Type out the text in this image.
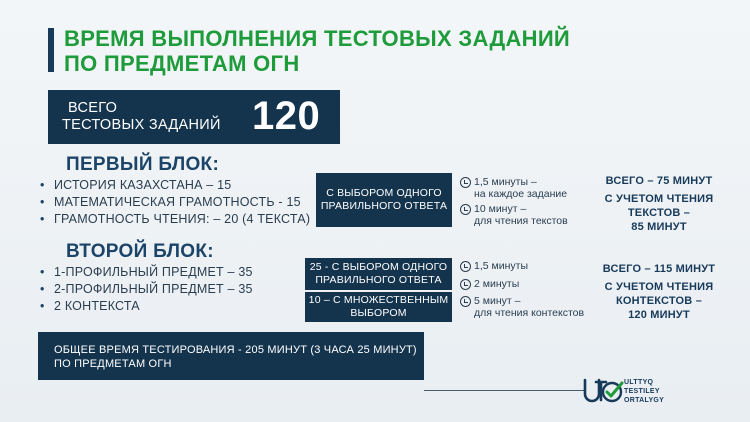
ВРЕМЯ ВЫПОЛНЕНИЯ ТЕСТОВЫХ ЗАДАНИЙ
ПО ПРЕДМЕТАМ ОГН
ВСЕГО
ТЕСТОВЫХ ЗАДАНИЙ 120
ПЕРВЫЙ БЛОК:
• ИСТОРИЯ КАЗАХСТАНА – 15
• МАТЕМАТИЧЕСКАЯ ГРАМОТНОСТЬ - 15
• ГРАМОТНОСТЬ ЧТЕНИЯ: – 20 (4 ТЕКСТА)
С ВЫБОРОМ ОДНОГО
ПРАВИЛЬНОГО ОТВЕТА
1,5 минуты –
на каждое задание
10 минут –
для чтения текстов
ВСЕГО – 75 МИНУТ
С УЧЕТОМ ЧТЕНИЯ
ТЕКСТОВ –
85 МИНУТ
ВТОРОЙ БЛОК:
• 1-ПРОФИЛЬНЫЙ ПРЕДМЕТ – 35
• 2-ПРОФИЛЬНЫЙ ПРЕДМЕТ – 35
• 2 КОНТЕКСТА
25 - С ВЫБОРОМ ОДНОГО
ПРАВИЛЬНОГО ОТВЕТА
10 – С МНОЖЕСТВЕННЫМ
ВЫБОРОМ
1,5 минуты
2 минуты
5 минут –
для чтения контекстов
ВСЕГО – 115 МИНУТ
С УЧЕТОМ ЧТЕНИЯ
КОНТЕКСТОВ –
120 МИНУТ
ОБЩЕЕ ВРЕМЯ ТЕСТИРОВАНИЯ - 205 МИНУТ (3 ЧАСА 25 МИНУТ)
ПО ПРЕДМЕТАМ ОГН
ULTTYQ
TESTILEY
ORTALYGY
